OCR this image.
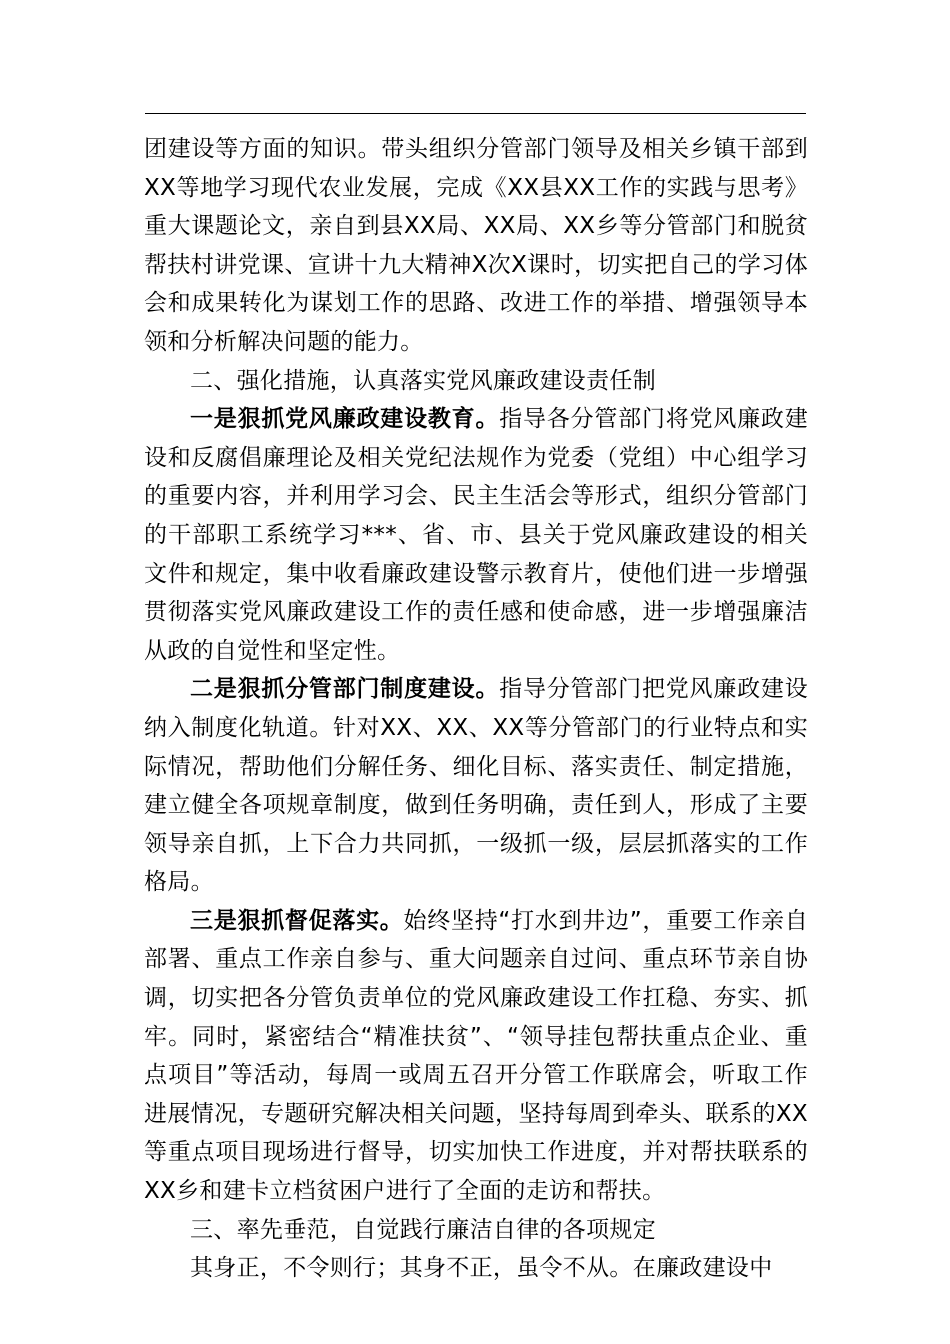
团建设等方面的知识。带头组织分管部门领导及相关乡镇干部到XX等地学习现代农业发展，完成《XX县XX工作的实践与思考》重大课题论文，亲自到县XX局、XX局、XX乡等分管部门和脱贫帮扶村讲党课、宣讲十九大精神X次X课时，切实把自己的学习体会和成果转化为谋划工作的思路、改进工作的举措、增强领导本领和分析解决问题的能力。

二、强化措施，认真落实党风廉政建设责任制

一是狠抓党风廉政建设教育。指导各分管部门将党风廉政建设和反腐倡廉理论及相关党纪法规作为党委（党组）中心组学习的重要内容，并利用学习会、民主生活会等形式，组织分管部门的干部职工系统学习***、省、市、县关于党风廉政建设的相关文件和规定，集中收看廉政建设警示教育片，使他们进一步增强贯彻落实党风廉政建设工作的责任感和使命感，进一步增强廉洁从政的自觉性和坚定性。

二是狠抓分管部门制度建设。指导分管部门把党风廉政建设纳入制度化轨道。针对XX、XX、XX等分管部门的行业特点和实际情况，帮助他们分解任务、细化目标、落实责任、制定措施，建立健全各项规章制度，做到任务明确，责任到人，形成了主要领导亲自抓，上下合力共同抓，一级抓一级，层层抓落实的工作格局。

三是狠抓督促落实。始终坚持“打水到井边”，重要工作亲自部署、重点工作亲自参与、重大问题亲自过问、重点环节亲自协调，切实把各分管负责单位的党风廉政建设工作扛稳、夯实、抓牢。同时，紧密结合“精准扶贫”、“领导挂包帮扶重点企业、重点项目”等活动，每周一或周五召开分管工作联席会，听取工作进展情况，专题研究解决相关问题，坚持每周到牵头、联系的XX等重点项目现场进行督导，切实加快工作进度，并对帮扶联系的XX乡和建卡立档贫困户进行了全面的走访和帮扶。

三、率先垂范，自觉践行廉洁自律的各项规定

其身正，不令则行；其身不正，虽令不从。在廉政建设中
